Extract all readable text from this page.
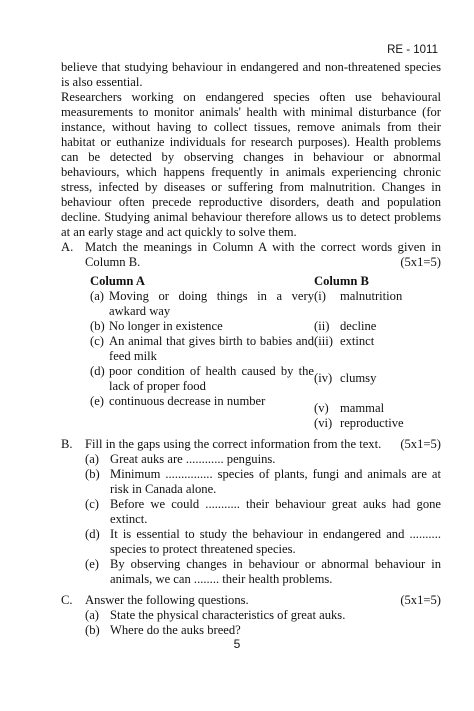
RE - 1011

believe that studying behaviour in endangered and non-threatened species is also essential.

Researchers working on endangered species often use behavioural measurements to monitor animals' health with minimal disturbance (for instance, without having to collect tissues, remove animals from their habitat or euthanize individuals for research purposes). Health problems can be detected by observing changes in behaviour or abnormal behaviours, which happens frequently in animals experiencing chronic stress, infected by diseases or suffering from malnutrition. Changes in behaviour often precede reproductive disorders, death and population decline. Studying animal behaviour therefore allows us to detect problems at an early stage and act quickly to solve them.

A. Match the meanings in Column A with the correct words given in Column B.	(5x1=5)
Column A		Column B	
(a)	Moving or doing things in a very awkard way	(i)	malnutrition
(b)	No longer in existence	(ii)	decline
(c)	An animal that gives birth to babies and feed milk	(iii)	extinct
(d)	poor condition of health caused by the lack of proper food	(iv)	clumsy
(e)	continuous decrease in number	(v)	mammal
		(vi)	reproductive
B. Fill in the gaps using the correct information from the text. (5x1=5)
(a) Great auks are ............ penguins.
(b) Minimum ............... species of plants, fungi and animals are at risk in Canada alone.
(c) Before we could ........... their behaviour great auks had gone extinct.
(d) It is essential to study the behaviour in endangered and .......... species to protect threatened species.
(e) By observing changes in behaviour or abnormal behaviour in animals, we can ........ their health problems.
C. Answer the following questions.	(5x1=5)
(a) State the physical characteristics of great auks.
(b) Where do the auks breed?
5
